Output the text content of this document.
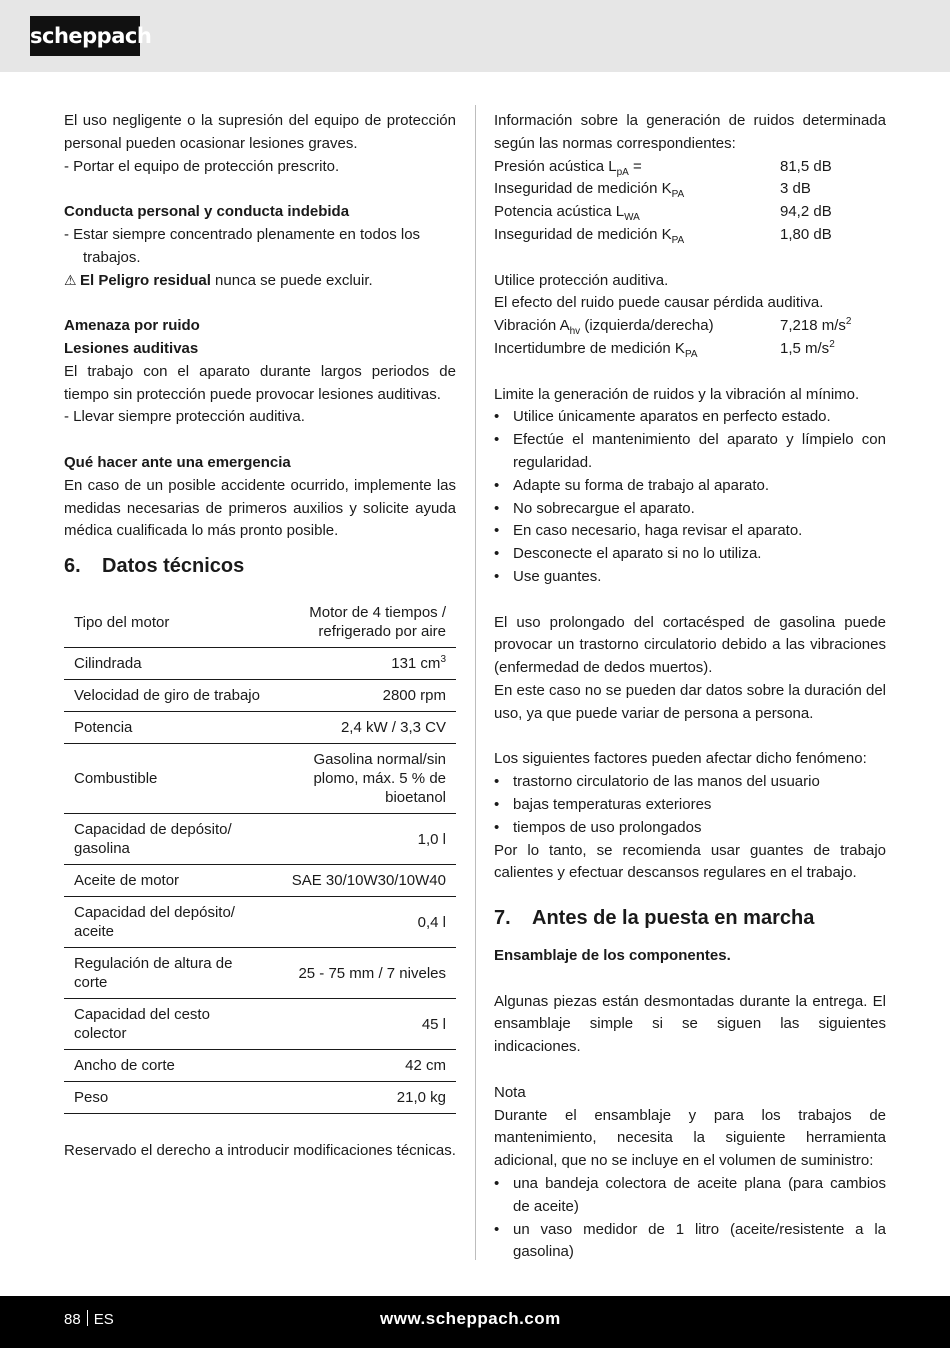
scheppach
El uso negligente o la supresión del equipo de protección personal pueden ocasionar lesiones graves.
- Portar el equipo de protección prescrito.
Conducta personal y conducta indebida
- Estar siempre concentrado plenamente en todos los trabajos.
⚠ El Peligro residual nunca se puede excluir.
Amenaza por ruido
Lesiones auditivas
El trabajo con el aparato durante largos periodos de tiempo sin protección puede provocar lesiones auditivas.
- Llevar siempre protección auditiva.
Qué hacer ante una emergencia
En caso de un posible accidente ocurrido, implemente las medidas necesarias de primeros auxilios y solicite ayuda médica cualificada lo más pronto posible.
6. Datos técnicos
Tipo del motor	Motor de 4 tiempos / refrigerado por aire
Cilindrada	131 $cm^3$
Velocidad de giro de trabajo	2800 rpm
Potencia	2,4 kW / 3,3 CV
Combustible	Gasolina normal/sin plomo, máx. 5 % de bioetanol
Capacidad de depósito/ gasolina	1,0 l
Aceite de motor	SAE 30/10W30/10W40
Capacidad del depósito/ aceite	0,4 l
Regulación de altura de corte	25 - 75 mm / 7 niveles
Capacidad del cesto colector	45 l
Ancho de corte	42 cm
Peso	21,0 kg
Reservado el derecho a introducir modificaciones técnicas.
Información sobre la generación de ruidos determinada según las normas correspondientes:
Presión acústica $L_{pA}$ =	81,5 dB
Inseguridad de medición $K_{PA}$	3 dB
Potencia acústica $L_{WA}$	94,2 dB
Inseguridad de medición $K_{PA}$	1,80 dB
Utilice protección auditiva.
El efecto del ruido puede causar pérdida auditiva.
Vibración $A_{hv}$ (izquierda/derecha)	7,218 $m/s^2$
Incertidumbre de medición $K_{PA}$	1,5 $m/s^2$
Limite la generación de ruidos y la vibración al mínimo.
• Utilice únicamente aparatos en perfecto estado.
• Efectúe el mantenimiento del aparato y límpielo con regularidad.
• Adapte su forma de trabajo al aparato.
• No sobrecargue el aparato.
• En caso necesario, haga revisar el aparato.
• Desconecte el aparato si no lo utiliza.
• Use guantes.
El uso prolongado del cortacésped de gasolina puede provocar un trastorno circulatorio debido a las vibraciones (enfermedad de dedos muertos).
En este caso no se pueden dar datos sobre la duración del uso, ya que puede variar de persona a persona.
Los siguientes factores pueden afectar dicho fenómeno:
• trastorno circulatorio de las manos del usuario
• bajas temperaturas exteriores
• tiempos de uso prolongados
Por lo tanto, se recomienda usar guantes de trabajo calientes y efectuar descansos regulares en el trabajo.
7. Antes de la puesta en marcha
Ensamblaje de los componentes.
Algunas piezas están desmontadas durante la entrega. El ensamblaje simple si se siguen las siguientes indicaciones.
Nota
Durante el ensamblaje y para los trabajos de mantenimiento, necesita la siguiente herramienta adicional, que no se incluye en el volumen de suministro:
• una bandeja colectora de aceite plana (para cambios de aceite)
• un vaso medidor de 1 litro (aceite/resistente a la gasolina)
88 ES	www.scheppach.com
